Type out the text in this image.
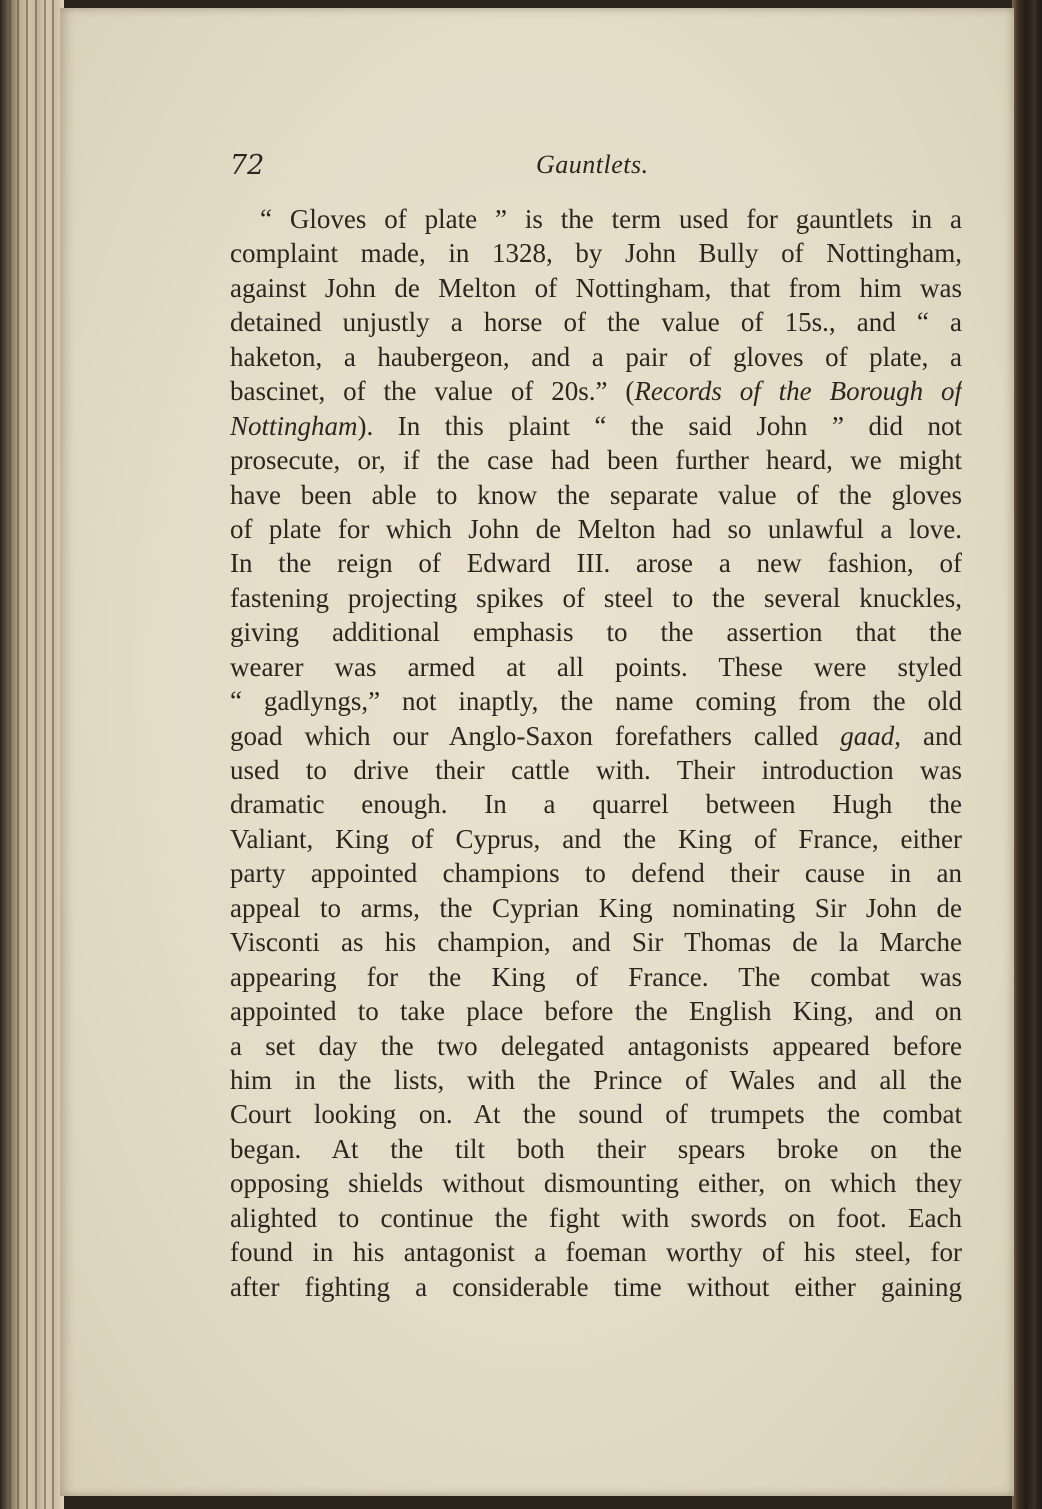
72	Gauntlets.
“ Gloves of plate ” is the term used for gauntlets in a
complaint made, in 1328, by John Bully of Nottingham,
against John de Melton of Nottingham, that from him was
detained unjustly a horse of the value of 15s., and “ a
haketon, a haubergeon, and a pair of gloves of plate, a
bascinet, of the value of 20s.” (Records of the Borough of
Nottingham). In this plaint “ the said John ” did not
prosecute, or, if the case had been further heard, we might
have been able to know the separate value of the gloves
of plate for which John de Melton had so unlawful a love.
In the reign of Edward III. arose a new fashion, of
fastening projecting spikes of steel to the several knuckles,
giving additional emphasis to the assertion that the
wearer was armed at all points. These were styled
“ gadlyngs,” not inaptly, the name coming from the old
goad which our Anglo-Saxon forefathers called gaad, and
used to drive their cattle with. Their introduction was
dramatic enough. In a quarrel between Hugh the
Valiant, King of Cyprus, and the King of France, either
party appointed champions to defend their cause in an
appeal to arms, the Cyprian King nominating Sir John de
Visconti as his champion, and Sir Thomas de la Marche
appearing for the King of France. The combat was
appointed to take place before the English King, and on
a set day the two delegated antagonists appeared before
him in the lists, with the Prince of Wales and all the
Court looking on. At the sound of trumpets the combat
began. At the tilt both their spears broke on the
opposing shields without dismounting either, on which they
alighted to continue the fight with swords on foot. Each
found in his antagonist a foeman worthy of his steel, for
after fighting a considerable time without either gaining
